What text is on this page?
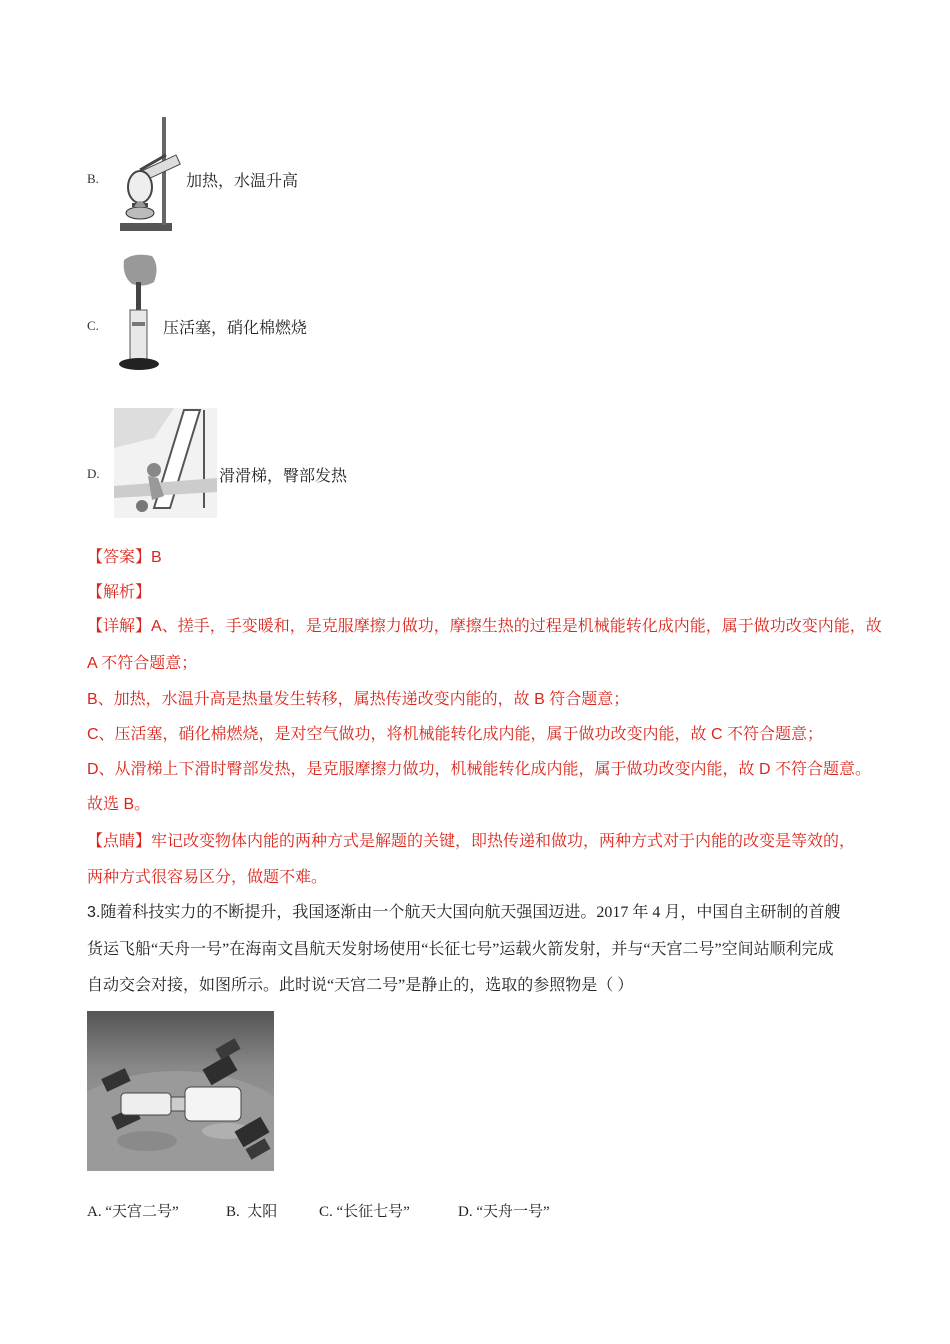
B.	加热，水温升高
C.	压活塞，硝化棉燃烧
D.	滑滑梯，臀部发热
【答案】B
【解析】
【详解】A、搓手，手变暖和，是克服摩擦力做功，摩擦生热的过程是机械能转化成内能，属于做功改变内能，故
A 不符合题意；
B、加热，水温升高是热量发生转移，属热传递改变内能的，故 B 符合题意；
C、压活塞，硝化棉燃烧，是对空气做功，将机械能转化成内能，属于做功改变内能，故 C 不符合题意；
D、从滑梯上下滑时臀部发热，是克服摩擦力做功，机械能转化成内能，属于做功改变内能，故 D 不符合题意。
故选 B。
【点睛】牢记改变物体内能的两种方式是解题的关键，即热传递和做功，两种方式对于内能的改变是等效的，
两种方式很容易区分，做题不难。
3.随着科技实力的不断提升，我国逐渐由一个航天大国向航天强国迈进。2017 年 4 月，中国自主研制的首艘
货运飞船“天舟一号”在海南文昌航天发射场使用“长征七号”运载火箭发射，并与“天宫二号”空间站顺利完成
自动交会对接，如图所示。此时说“天宫二号”是静止的，选取的参照物是（ ）
A. “天宫二号”	B.  太阳	C. “长征七号”	D. “天舟一号”
